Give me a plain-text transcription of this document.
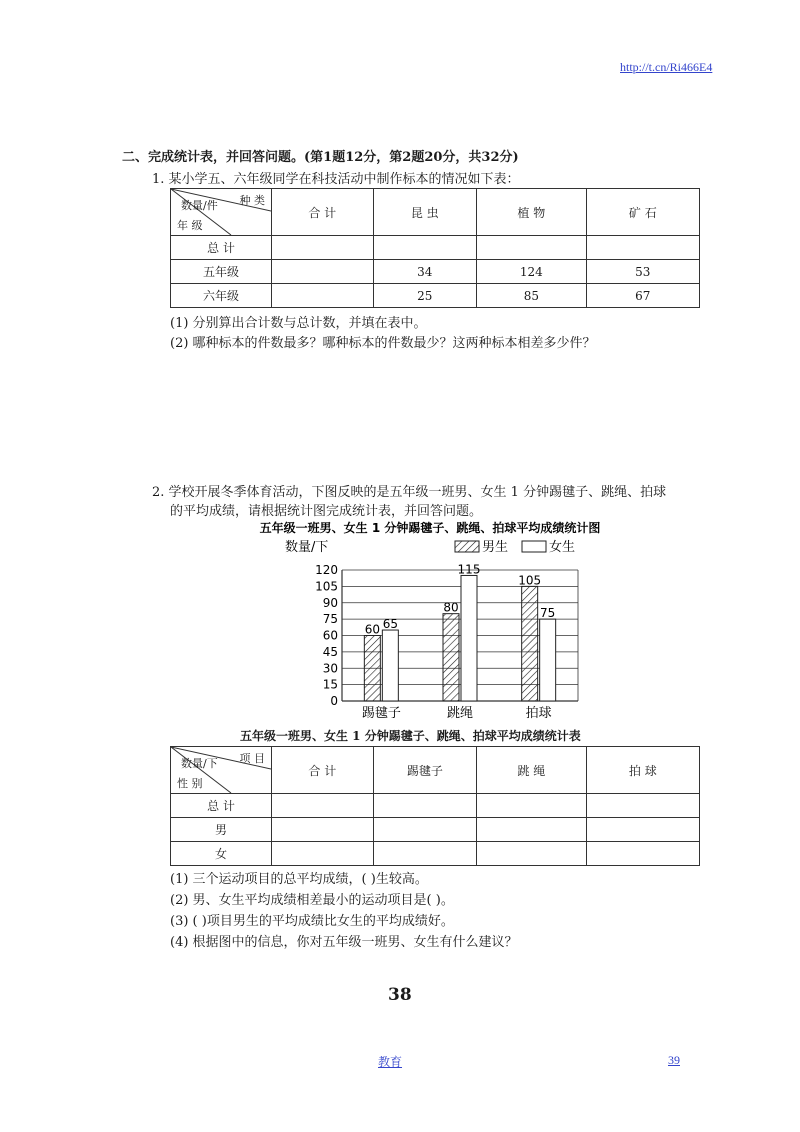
http://t.cn/Ri466E4
二、完成统计表，并回答问题。(第1题12分，第2题20分，共32分)
1. 某小学五、六年级同学在科技活动中制作标本的情况如下表：
种 类
数量/件
年 级	合 计	昆 虫	植 物	矿 石
总 计				
五年级		34	124	53
六年级		25	85	67
(1) 分别算出合计数与总计数，并填在表中。
(2) 哪种标本的件数最多？哪种标本的件数最少？这两种标本相差多少件？
2. 学校开展冬季体育活动，下图反映的是五年级一班男、女生 1 分钟踢毽子、跳绳、拍球
的平均成绩，请根据统计图完成统计表，并回答问题。
五年级一班男、女生 1 分钟踢毽子、跳绳、拍球平均成绩统计图
数量/下	男生	女生
0
15
30
45
60
75
90
105
120
60 65
80
115
105
75
踢毽子	跳绳	拍球
五年级一班男、女生 1 分钟踢毽子、跳绳、拍球平均成绩统计表
项 目
数量/下
性 别	合 计	踢毽子	跳 绳	拍 球
总 计				
男				
女				
(1) 三个运动项目的总平均成绩，( )生较高。
(2) 男、女生平均成绩相差最小的运动项目是( )。
(3) ( )项目男生的平均成绩比女生的平均成绩好。
(4) 根据图中的信息，你对五年级一班男、女生有什么建议？
38
教育	39
